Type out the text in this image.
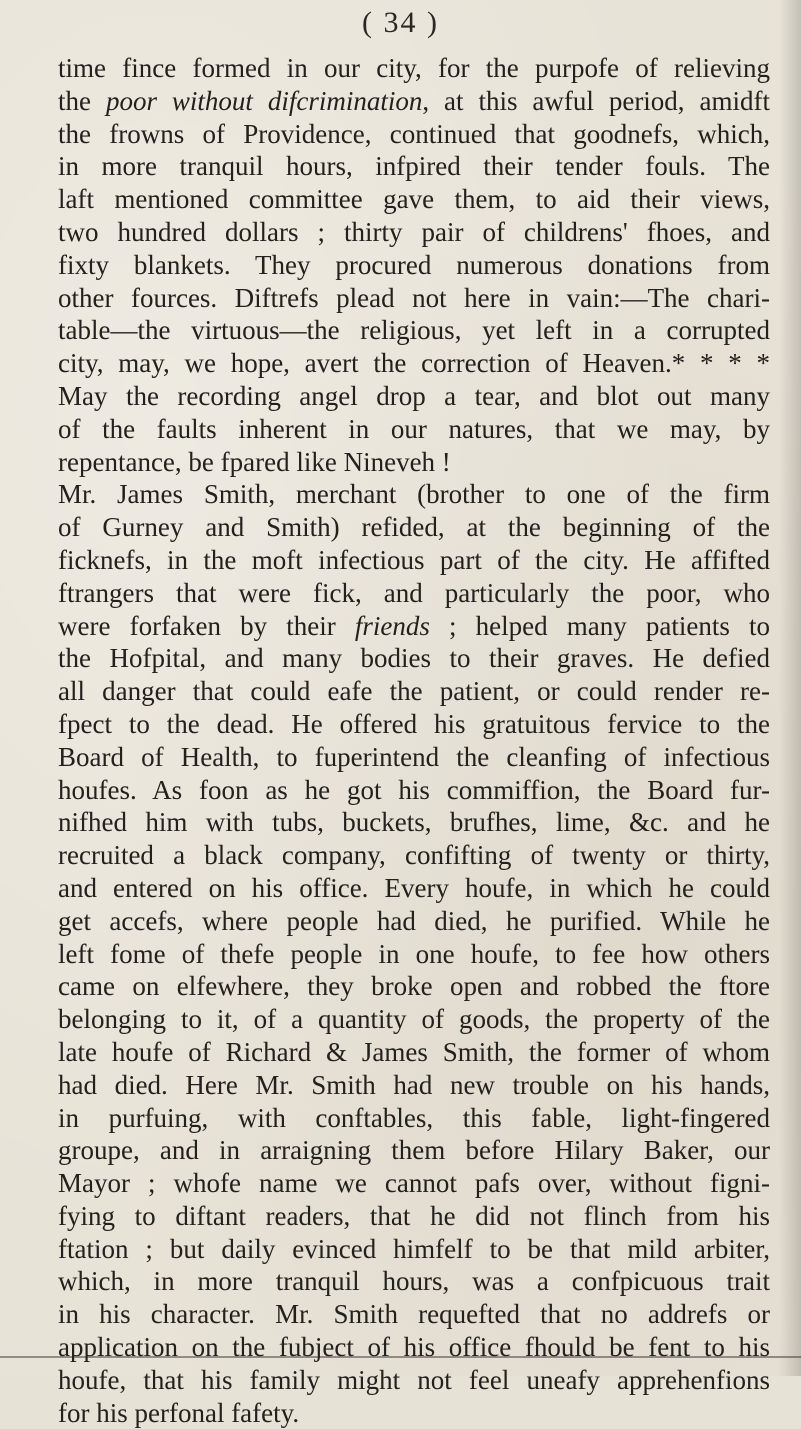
( 34 )
time fince formed in our city, for the purpofe of relieving
the poor without difcrimination, at this awful period, amidft
the frowns of Providence, continued that goodnefs, which,
in more tranquil hours, infpired their tender fouls. The
laft mentioned committee gave them, to aid their views,
two hundred dollars ; thirty pair of childrens' fhoes, and
fixty blankets. They procured numerous donations from
other fources. Diftrefs plead not here in vain:—The chari-
table—the virtuous—the religious, yet left in a corrupted
city, may, we hope, avert the correction of Heaven.* * * *
May the recording angel drop a tear, and blot out many
of the faults inherent in our natures, that we may, by
repentance, be fpared like Nineveh !
Mr. James Smith, merchant (brother to one of the firm
of Gurney and Smith) refided, at the beginning of the
ficknefs, in the moft infectious part of the city. He affifted
ftrangers that were fick, and particularly the poor, who
were forfaken by their friends ; helped many patients to
the Hofpital, and many bodies to their graves. He defied
all danger that could eafe the patient, or could render re-
fpect to the dead. He offered his gratuitous fervice to the
Board of Health, to fuperintend the cleanfing of infectious
houfes. As foon as he got his commiffion, the Board fur-
nifhed him with tubs, buckets, brufhes, lime, &c. and he
recruited a black company, confifting of twenty or thirty,
and entered on his office. Every houfe, in which he could
get accefs, where people had died, he purified. While he
left fome of thefe people in one houfe, to fee how others
came on elfewhere, they broke open and robbed the ftore
belonging to it, of a quantity of goods, the property of the
late houfe of Richard & James Smith, the former of whom
had died. Here Mr. Smith had new trouble on his hands,
in purfuing, with conftables, this fable, light-fingered
groupe, and in arraigning them before Hilary Baker, our
Mayor ; whofe name we cannot pafs over, without figni-
fying to diftant readers, that he did not flinch from his
ftation ; but daily evinced himfelf to be that mild arbiter,
which, in more tranquil hours, was a confpicuous trait
in his character. Mr. Smith requefted that no addrefs or
application on the fubject of his office fhould be fent to his
houfe, that his family might not feel uneafy apprehenfions
for his perfonal fafety.
